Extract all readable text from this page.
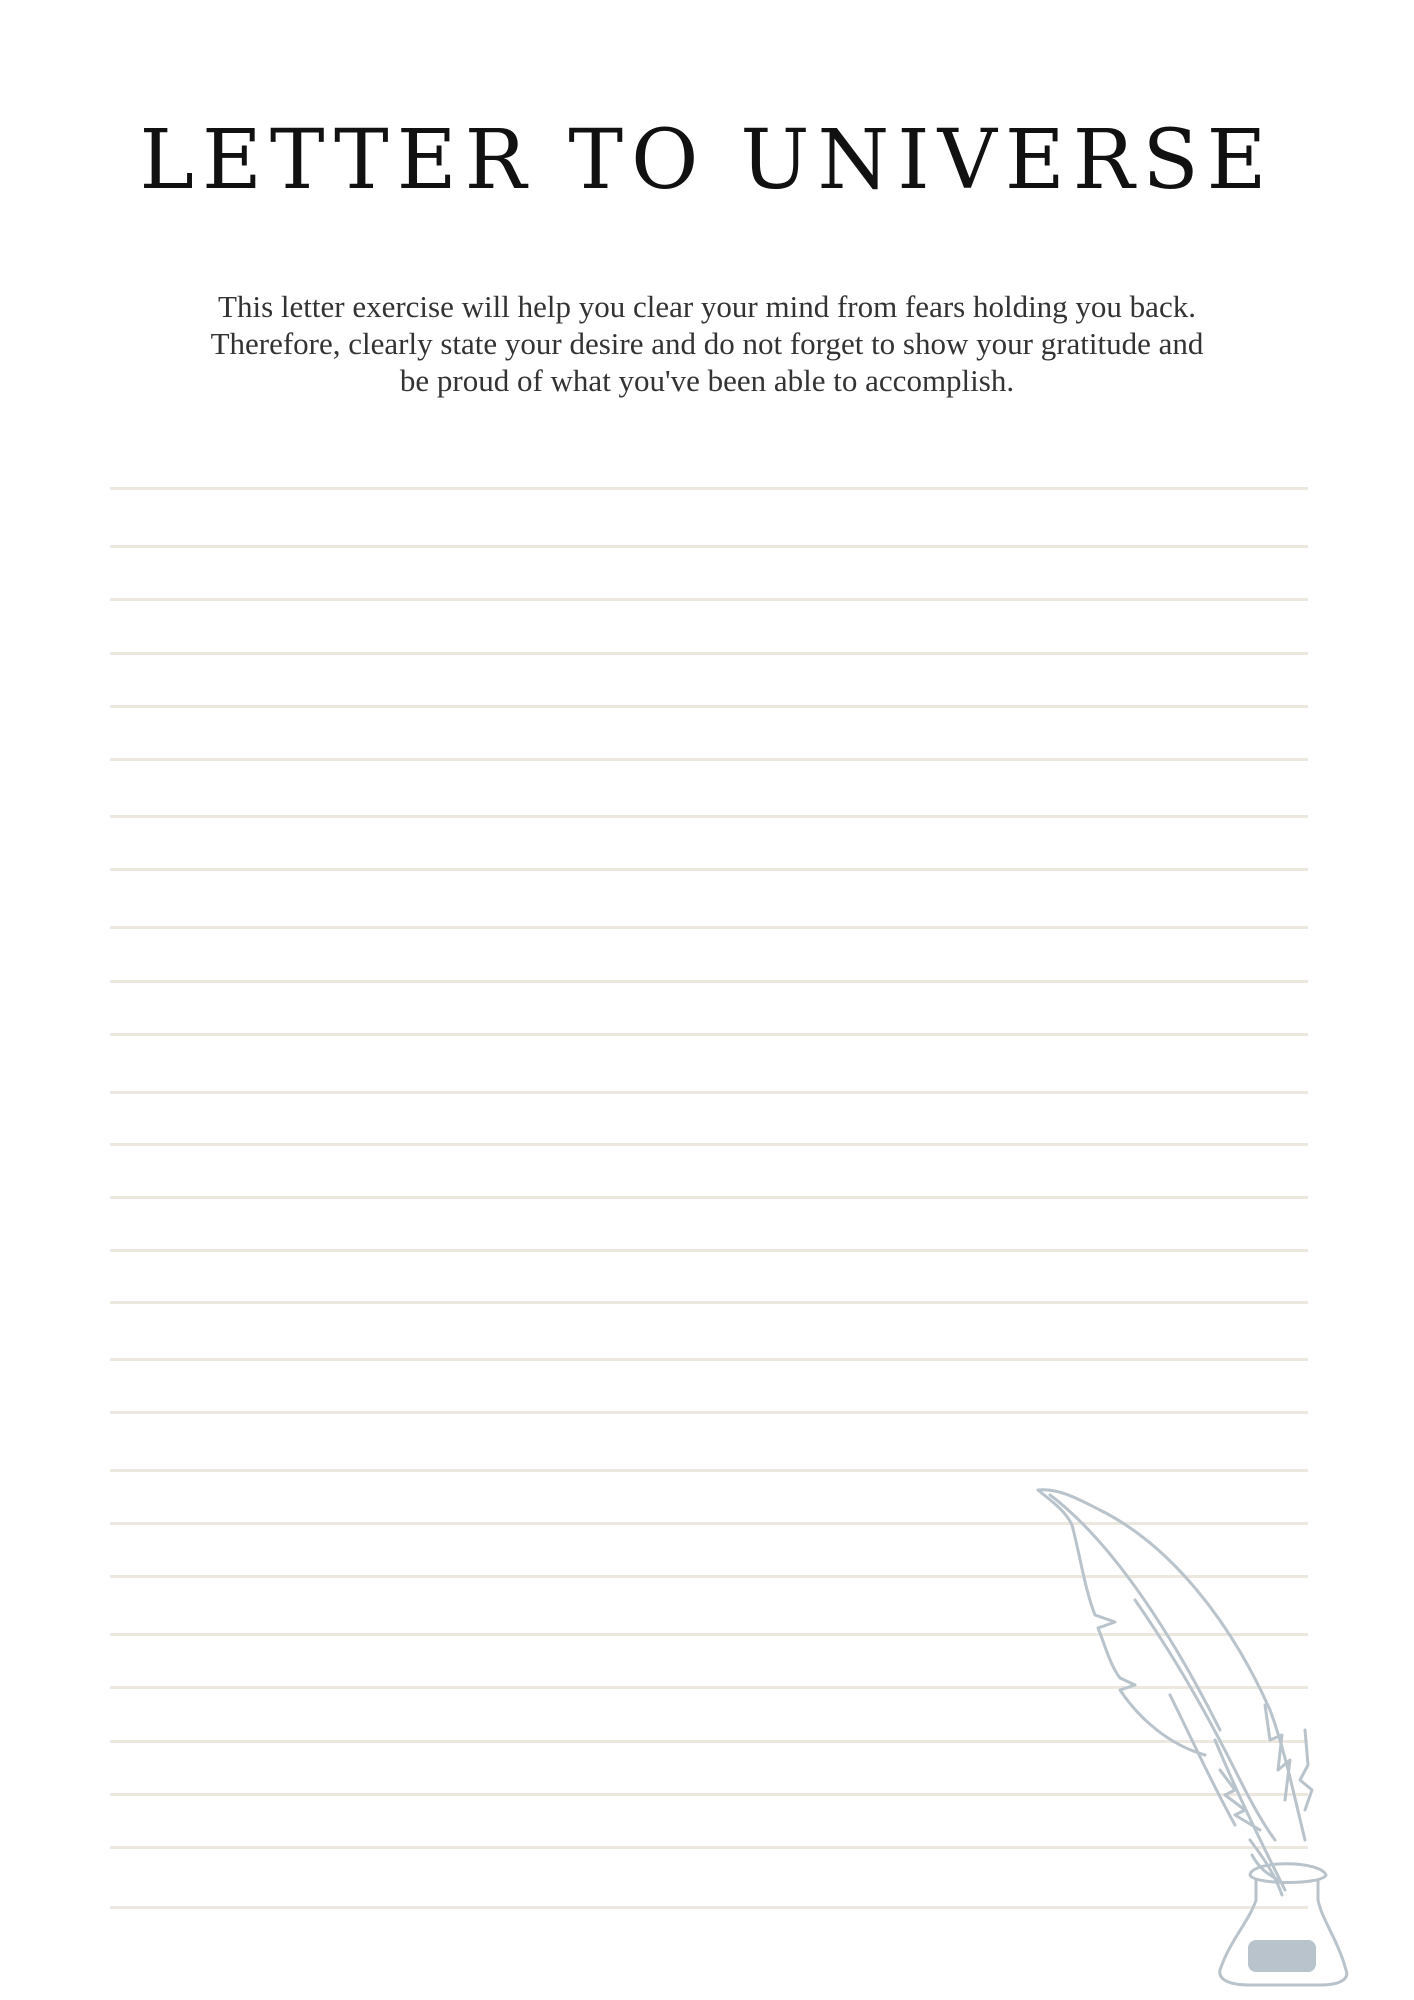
LETTER TO UNIVERSE

This letter exercise will help you clear your mind from fears holding you back.
Therefore, clearly state your desire and do not forget to show your gratitude and
be proud of what you've been able to accomplish.
